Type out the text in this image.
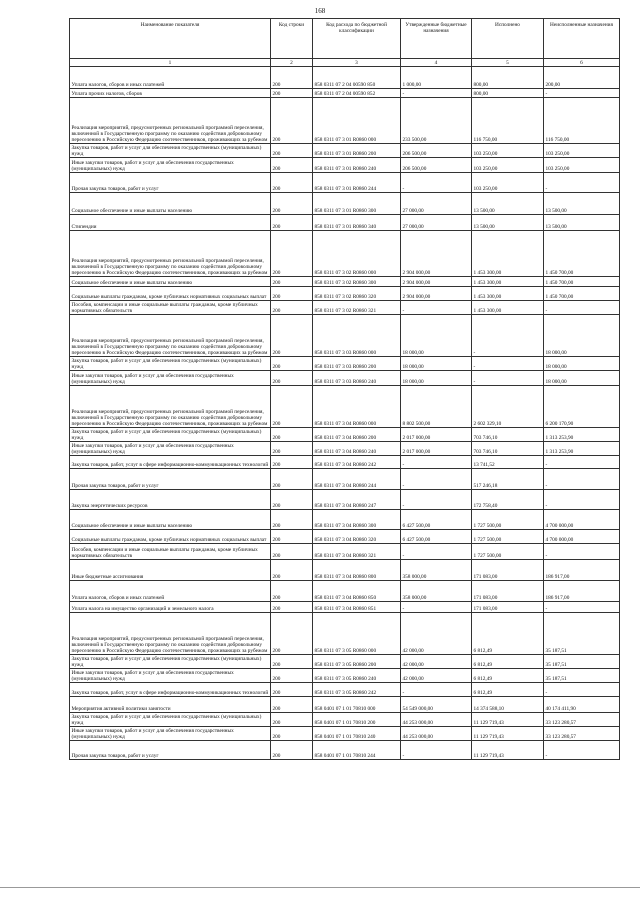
168
Наименование показателя	Код строки	Код расхода по бюджетной классификации	Утвержденные бюджетные назначения	Исполнено	Неисполненные назначения
1	2	3	4	5	6
Уплата налогов, сборов и иных платежей	200	858 0311 07 2 04 00590 850	1 000,00	800,00	200,00
Уплата прочих налогов, сборов	200	858 0311 07 2 04 00590 852	-	800,00	-
Реализация мероприятий, предусмотренных региональной программой переселения, включенной в Государственную программу по оказанию содействия добровольному переселению в Российскую Федерацию соотечественников, проживающих за рубежом	200	858 0311 07 3 01 R0860 000	233 500,00	116 750,00	116 750,00
Закупка товаров, работ и услуг для обеспечения государственных (муниципальных) нужд	200	858 0311 07 3 01 R0860 200	206 500,00	103 250,00	103 250,00
Иные закупки товаров, работ и услуг для обеспечения государственных (муниципальных) нужд	200	858 0311 07 3 01 R0860 240	206 500,00	103 250,00	103 250,00
Прочая закупка товаров, работ и услуг	200	858 0311 07 3 01 R0860 244	-	103 250,00	-
Социальное обеспечение и иные выплаты населению	200	858 0311 07 3 01 R0860 300	27 000,00	13 500,00	13 500,00
Стипендии	200	858 0311 07 3 01 R0860 340	27 000,00	13 500,00	13 500,00
Реализация мероприятий, предусмотренных региональной программой переселения, включенной в Государственную программу по оказанию содействия добровольному переселению в Российскую Федерацию соотечественников, проживающих за рубежом	200	858 0311 07 3 02 R0860 000	2 904 000,00	1 453 300,00	1 450 700,00
Социальное обеспечение и иные выплаты населению	200	858 0311 07 3 02 R0860 300	2 904 000,00	1 453 300,00	1 450 700,00
Социальные выплаты гражданам, кроме публичных нормативных социальных выплат	200	858 0311 07 3 02 R0860 320	2 904 000,00	1 453 300,00	1 450 700,00
Пособия, компенсации и иные социальные выплаты гражданам, кроме публичных нормативных обязательств	200	858 0311 07 3 02 R0860 321	-	1 453 300,00	-
Реализация мероприятий, предусмотренных региональной программой переселения, включенной в Государственную программу по оказанию содействия добровольному переселению в Российскую Федерацию соотечественников, проживающих за рубежом	200	858 0311 07 3 03 R0860 000	18 000,00	-	18 000,00
Закупка товаров, работ и услуг для обеспечения государственных (муниципальных) нужд	200	858 0311 07 3 03 R0860 200	18 000,00	-	18 000,00
Иные закупки товаров, работ и услуг для обеспечения государственных (муниципальных) нужд	200	858 0311 07 3 03 R0860 240	18 000,00	-	18 000,00
Реализация мероприятий, предусмотренных региональной программой переселения, включенной в Государственную программу по оказанию содействия добровольному переселению в Российскую Федерацию соотечественников, проживающих за рубежом	200	858 0311 07 3 04 R0860 000	8 802 500,00	2 602 329,10	6 200 170,90
Закупка товаров, работ и услуг для обеспечения государственных (муниципальных) нужд	200	858 0311 07 3 04 R0860 200	2 017 000,00	703 746,10	1 313 253,90
Иные закупки товаров, работ и услуг для обеспечения государственных (муниципальных) нужд	200	858 0311 07 3 04 R0860 240	2 017 000,00	703 746,10	1 313 253,90
Закупка товаров, работ, услуг в сфере информационно-коммуникационных технологий	200	858 0311 07 3 04 R0860 242	-	13 741,52	-
Прочая закупка товаров, работ и услуг	200	858 0311 07 3 04 R0860 244	-	517 246,18	-
Закупка энергетических ресурсов	200	858 0311 07 3 04 R0860 247	-	172 758,40	-
Социальное обеспечение и иные выплаты населению	200	858 0311 07 3 04 R0860 300	6 427 500,00	1 727 500,00	4 700 000,00
Социальные выплаты гражданам, кроме публичных нормативных социальных выплат	200	858 0311 07 3 04 R0860 320	6 427 500,00	1 727 500,00	4 700 000,00
Пособия, компенсации и иные социальные выплаты гражданам, кроме публичных нормативных обязательств	200	858 0311 07 3 04 R0860 321	-	1 727 500,00	-
Иные бюджетные ассигнования	200	858 0311 07 3 04 R0860 800	358 000,00	171 083,00	186 917,00
Уплата налогов, сборов и иных платежей	200	858 0311 07 3 04 R0860 850	358 000,00	171 083,00	186 917,00
Уплата налога на имущество организаций и земельного налога	200	858 0311 07 3 04 R0860 851	-	171 083,00	-
Реализация мероприятий, предусмотренных региональной программой переселения, включенной в Государственную программу по оказанию содействия добровольному переселению в Российскую Федерацию соотечественников, проживающих за рубежом	200	858 0311 07 3 05 R0860 000	42 000,00	6 812,49	35 187,51
Закупка товаров, работ и услуг для обеспечения государственных (муниципальных) нужд	200	858 0311 07 3 05 R0860 200	42 000,00	6 812,49	35 187,51
Иные закупки товаров, работ и услуг для обеспечения государственных (муниципальных) нужд	200	858 0311 07 3 05 R0860 240	42 000,00	6 812,49	35 187,51
Закупка товаров, работ, услуг в сфере информационно-коммуникационных технологий	200	858 0311 07 3 05 R0860 242	-	6 812,49	-
Мероприятия активной политики занятости	200	858 0401 07 1 01 70810 000	54 549 000,00	14 374 588,10	40 174 411,90
Закупка товаров, работ и услуг для обеспечения государственных (муниципальных) нужд	200	858 0401 07 1 01 70810 200	44 253 000,00	11 129 719,43	33 123 280,57
Иные закупки товаров, работ и услуг для обеспечения государственных (муниципальных) нужд	200	858 0401 07 1 01 70810 240	44 253 000,00	11 129 719,43	33 123 280,57
Прочая закупка товаров, работ и услуг	200	858 0401 07 1 01 70810 244	-	11 129 719,43	-
